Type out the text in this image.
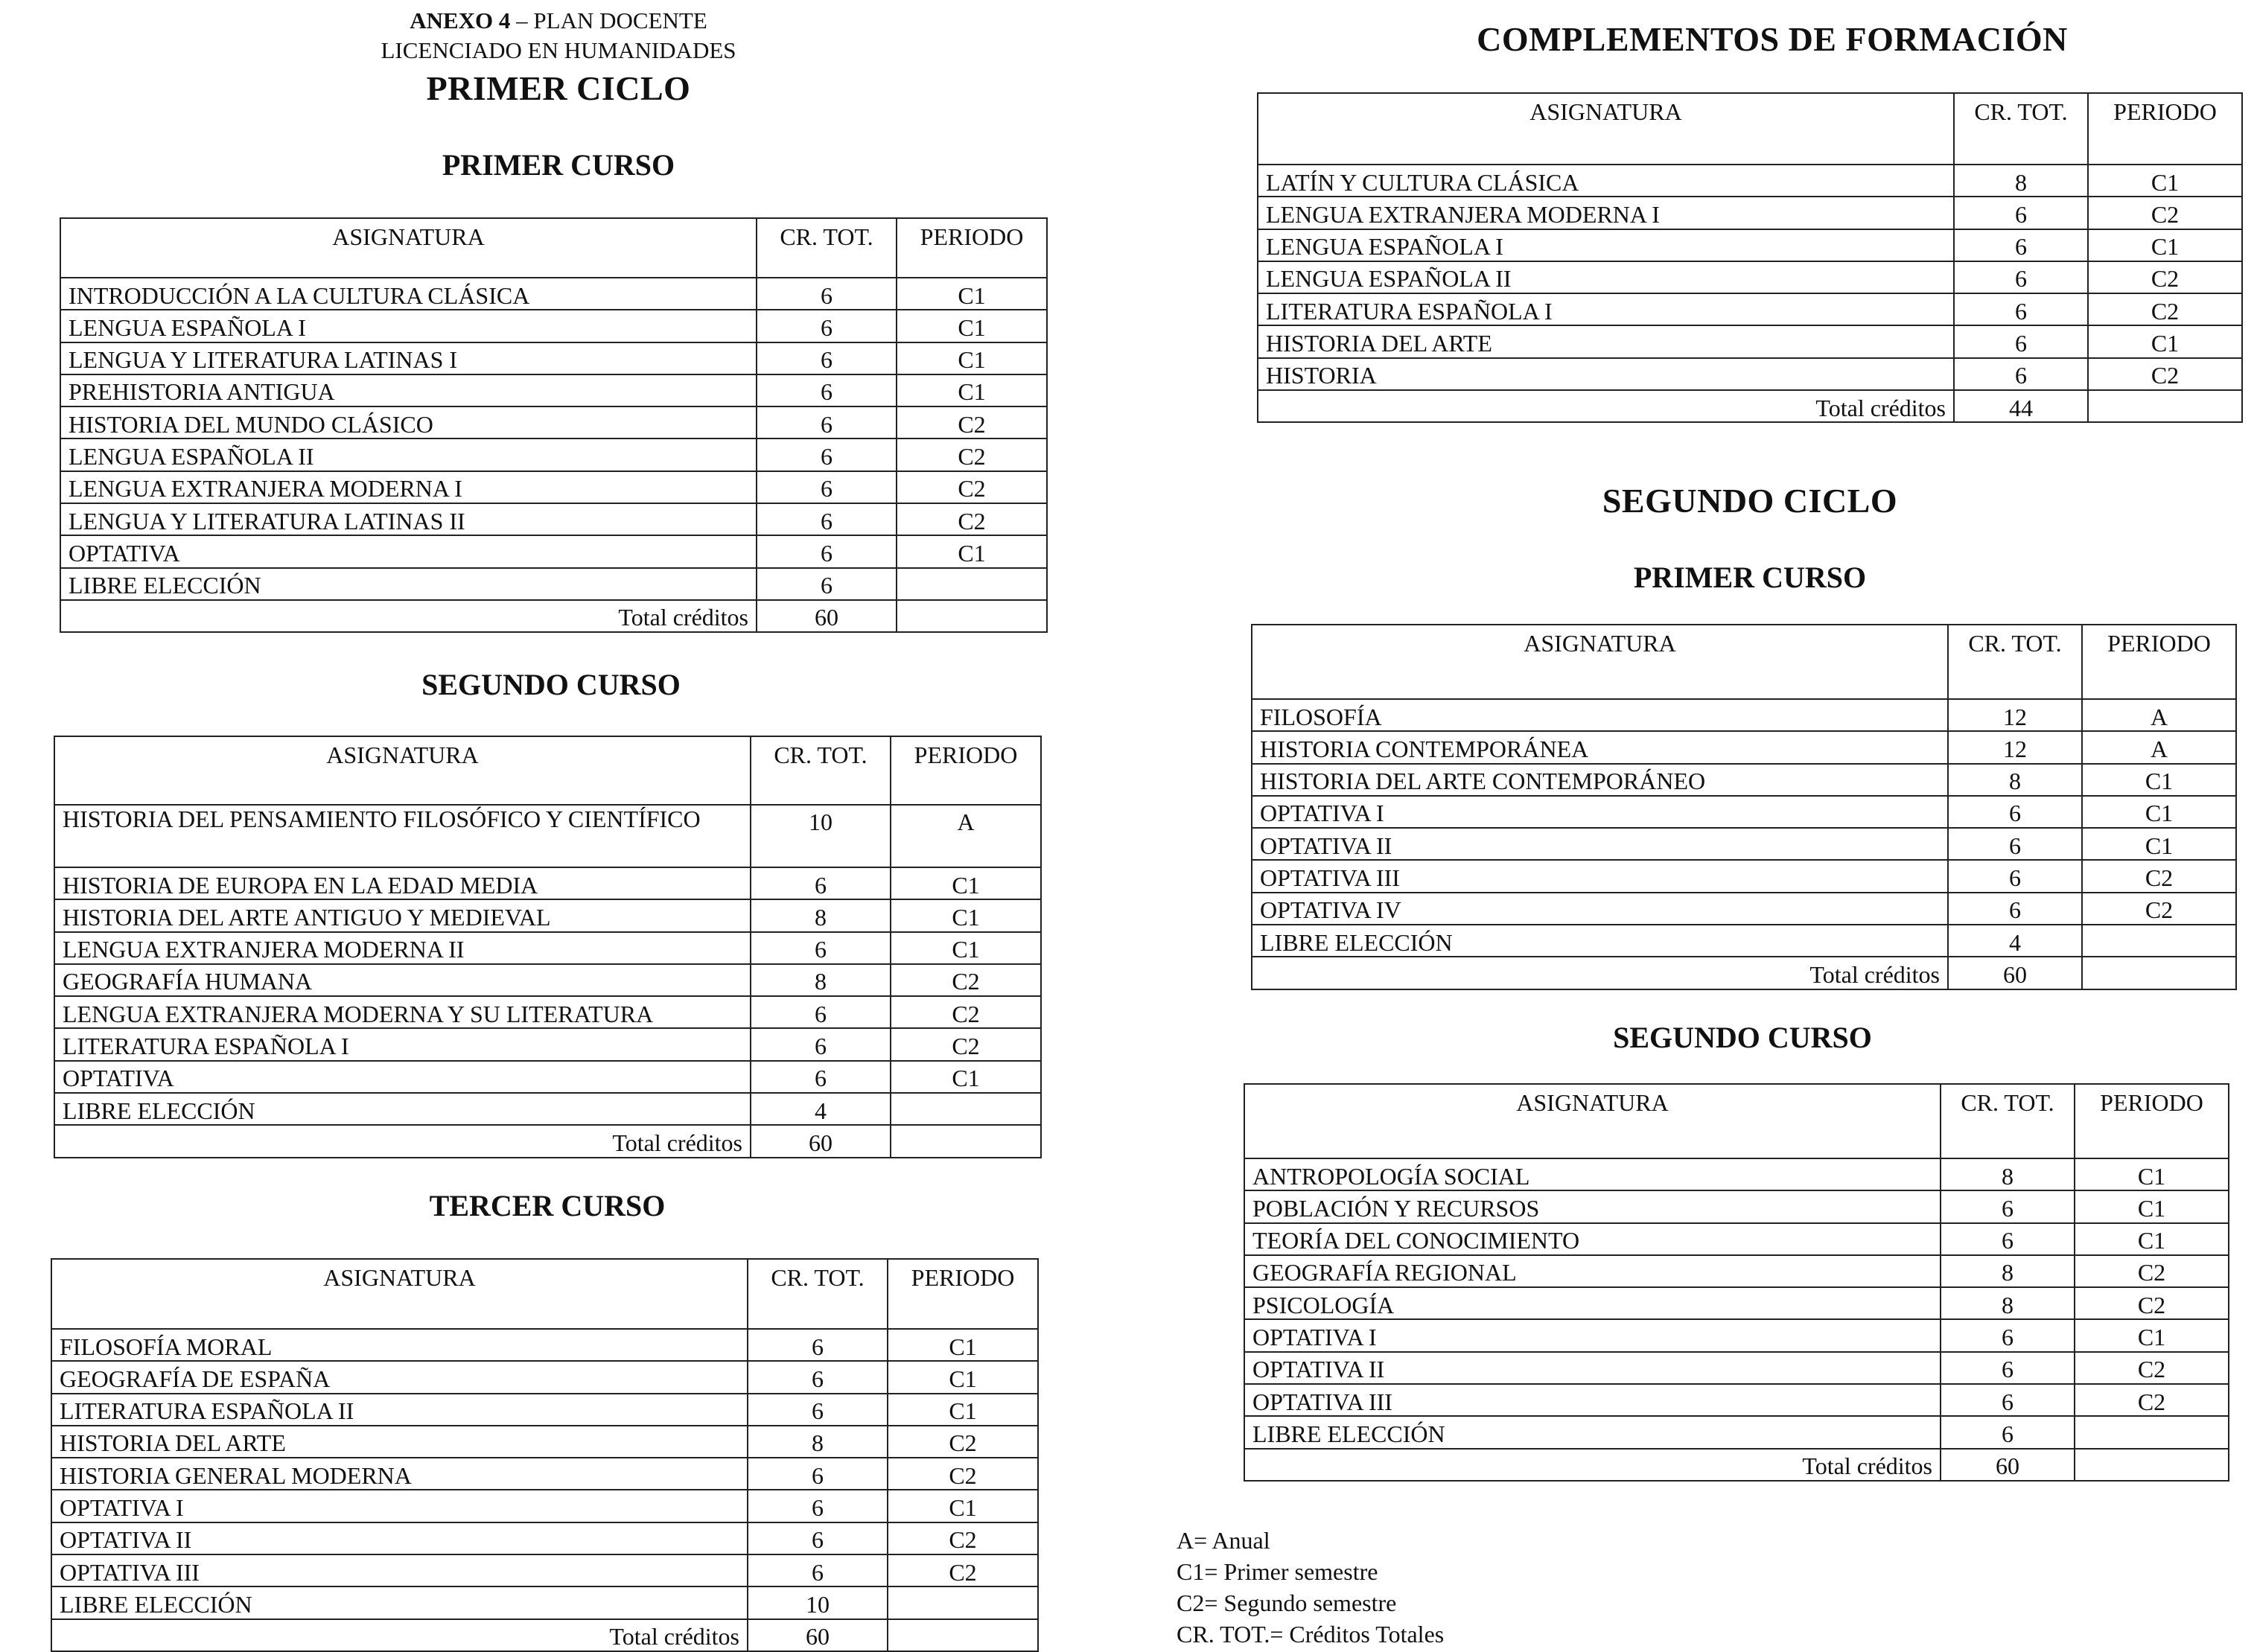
ANEXO 4 – PLAN DOCENTE
LICENCIADO EN HUMANIDADES
PRIMER CICLO
PRIMER CURSO
ASIGNATURA	CR. TOT.	PERIODO
INTRODUCCIÓN A LA CULTURA CLÁSICA	6	C1
LENGUA ESPAÑOLA I	6	C1
LENGUA Y LITERATURA LATINAS I	6	C1
PREHISTORIA ANTIGUA	6	C1
HISTORIA DEL MUNDO CLÁSICO	6	C2
LENGUA ESPAÑOLA II	6	C2
LENGUA EXTRANJERA MODERNA I	6	C2
LENGUA Y LITERATURA LATINAS II	6	C2
OPTATIVA	6	C1
LIBRE ELECCIÓN	6	
Total créditos	60	
SEGUNDO CURSO
ASIGNATURA	CR. TOT.	PERIODO
HISTORIA DEL PENSAMIENTO FILOSÓFICO Y CIENTÍFICO	10	A
HISTORIA DE EUROPA EN LA EDAD MEDIA	6	C1
HISTORIA DEL ARTE ANTIGUO Y MEDIEVAL	8	C1
LENGUA EXTRANJERA MODERNA II	6	C1
GEOGRAFÍA HUMANA	8	C2
LENGUA EXTRANJERA MODERNA Y SU LITERATURA	6	C2
LITERATURA ESPAÑOLA I	6	C2
OPTATIVA	6	C1
LIBRE ELECCIÓN	4	
Total créditos	60	
TERCER CURSO
ASIGNATURA	CR. TOT.	PERIODO
FILOSOFÍA MORAL	6	C1
GEOGRAFÍA DE ESPAÑA	6	C1
LITERATURA ESPAÑOLA II	6	C1
HISTORIA DEL ARTE	8	C2
HISTORIA GENERAL MODERNA	6	C2
OPTATIVA I	6	C1
OPTATIVA II	6	C2
OPTATIVA III	6	C2
LIBRE ELECCIÓN	10	
Total créditos	60	
COMPLEMENTOS DE FORMACIÓN
ASIGNATURA	CR. TOT.	PERIODO
LATÍN Y CULTURA CLÁSICA	8	C1
LENGUA EXTRANJERA MODERNA I	6	C2
LENGUA ESPAÑOLA I	6	C1
LENGUA ESPAÑOLA II	6	C2
LITERATURA ESPAÑOLA I	6	C2
HISTORIA DEL ARTE	6	C1
HISTORIA	6	C2
Total créditos	44	
SEGUNDO CICLO
PRIMER CURSO
ASIGNATURA	CR. TOT.	PERIODO
FILOSOFÍA	12	A
HISTORIA CONTEMPORÁNEA	12	A
HISTORIA DEL ARTE CONTEMPORÁNEO	8	C1
OPTATIVA I	6	C1
OPTATIVA II	6	C1
OPTATIVA III	6	C2
OPTATIVA IV	6	C2
LIBRE ELECCIÓN	4	
Total créditos	60	
SEGUNDO CURSO
ASIGNATURA	CR. TOT.	PERIODO
ANTROPOLOGÍA SOCIAL	8	C1
POBLACIÓN Y RECURSOS	6	C1
TEORÍA DEL CONOCIMIENTO	6	C1
GEOGRAFÍA REGIONAL	8	C2
PSICOLOGÍA	8	C2
OPTATIVA I	6	C1
OPTATIVA II	6	C2
OPTATIVA III	6	C2
LIBRE ELECCIÓN	6	
Total créditos	60	
A= Anual
C1= Primer semestre
C2= Segundo semestre
CR. TOT.= Créditos Totales
